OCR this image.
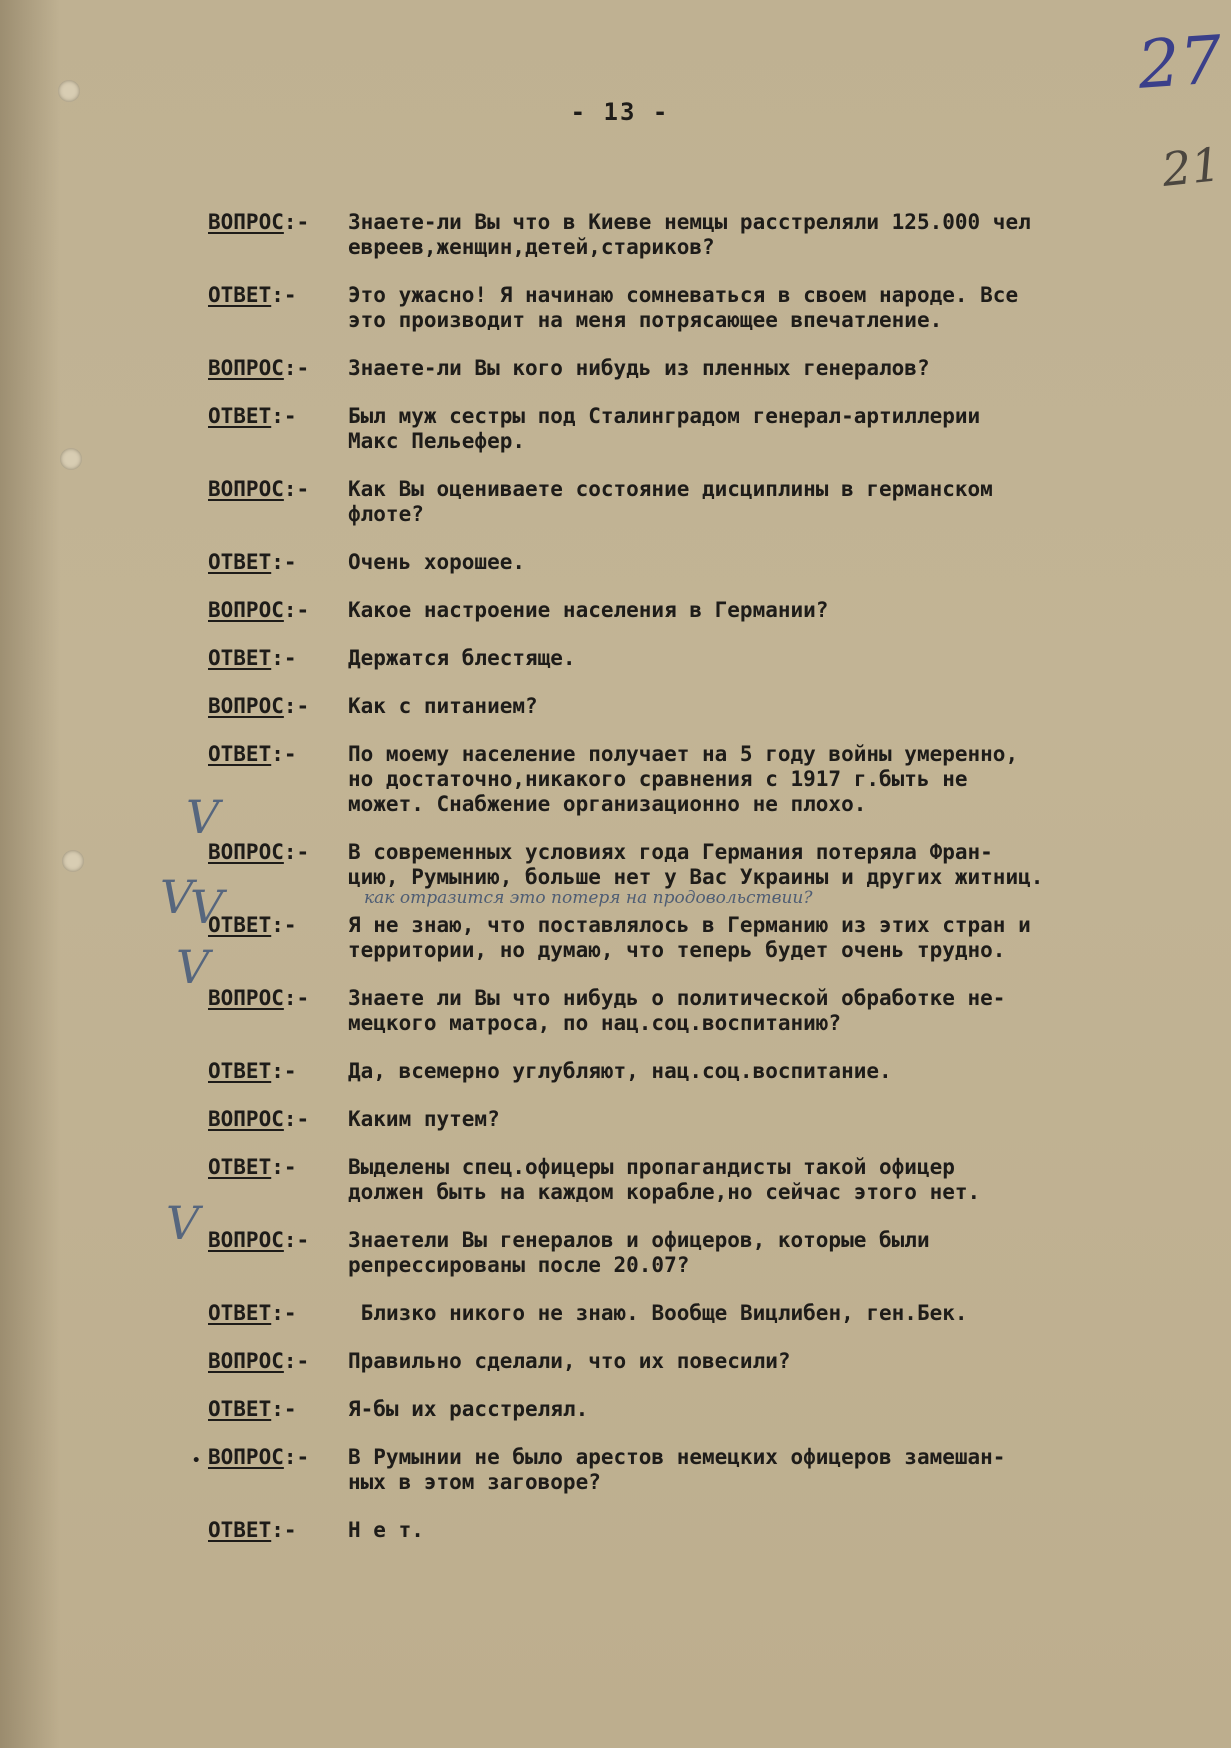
- 13 -
27
21
V
V
V
V
V
ВОПРОС:-	Знаете-ли Вы что в Киеве немцы расстреляли 125.000 чел
евреев,женщин,детей,стариков?
ОТВЕТ:-	Это ужасно! Я начинаю сомневаться в своем народе. Все
это производит на меня потрясающее впечатление.
ВОПРОС:-	Знаете-ли Вы кого нибудь из пленных генералов?
ОТВЕТ:-	Был муж сестры под Сталинградом генерал-артиллерии
Макс Пельефер.
ВОПРОС:-	Как Вы оцениваете состояние дисциплины в германском
флоте?
ОТВЕТ:-	Очень хорошее.
ВОПРОС:-	Какое настроение населения в Германии?
ОТВЕТ:-	Держатся блестяще.
ВОПРОС:-	Как с питанием?
ОТВЕТ:-	По моему население получает на 5 году войны умеренно,
но достаточно,никакого сравнения с 1917 г.быть не
может. Снабжение организационно не плохо.
ВОПРОС:-	В современных условиях года Германия потеряла Фран-
цию, Румынию, больше нет у Вас Украины и других житниц.
как отразится это потеря на продовольствии?
ОТВЕТ:-	Я не знаю, что поставлялось в Германию из этих стран и
территории, но думаю, что теперь будет очень трудно.
ВОПРОС:-	Знаете ли Вы что нибудь о политической обработке не-
мецкого матроса, по нац.соц.воспитанию?
ОТВЕТ:-	Да, всемерно углубляют, нац.соц.воспитание.
ВОПРОС:-	Каким путем?
ОТВЕТ:-	Выделены спец.офицеры пропагандисты такой офицер
должен быть на каждом корабле,но сейчас этого нет.
ВОПРОС:-	Знаетели Вы генералов и офицеров, которые были
репрессированы после 20.07?
ОТВЕТ:-	Близко никого не знаю. Вообще Вицлибен, ген.Бек.
ВОПРОС:-	Правильно сделали, что их повесили?
ОТВЕТ:-	Я-бы их расстрелял.
• ВОПРОС:-	В Румынии не было арестов немецких офицеров замешан-
ных в этом заговоре?
ОТВЕТ:-	Н е т.
